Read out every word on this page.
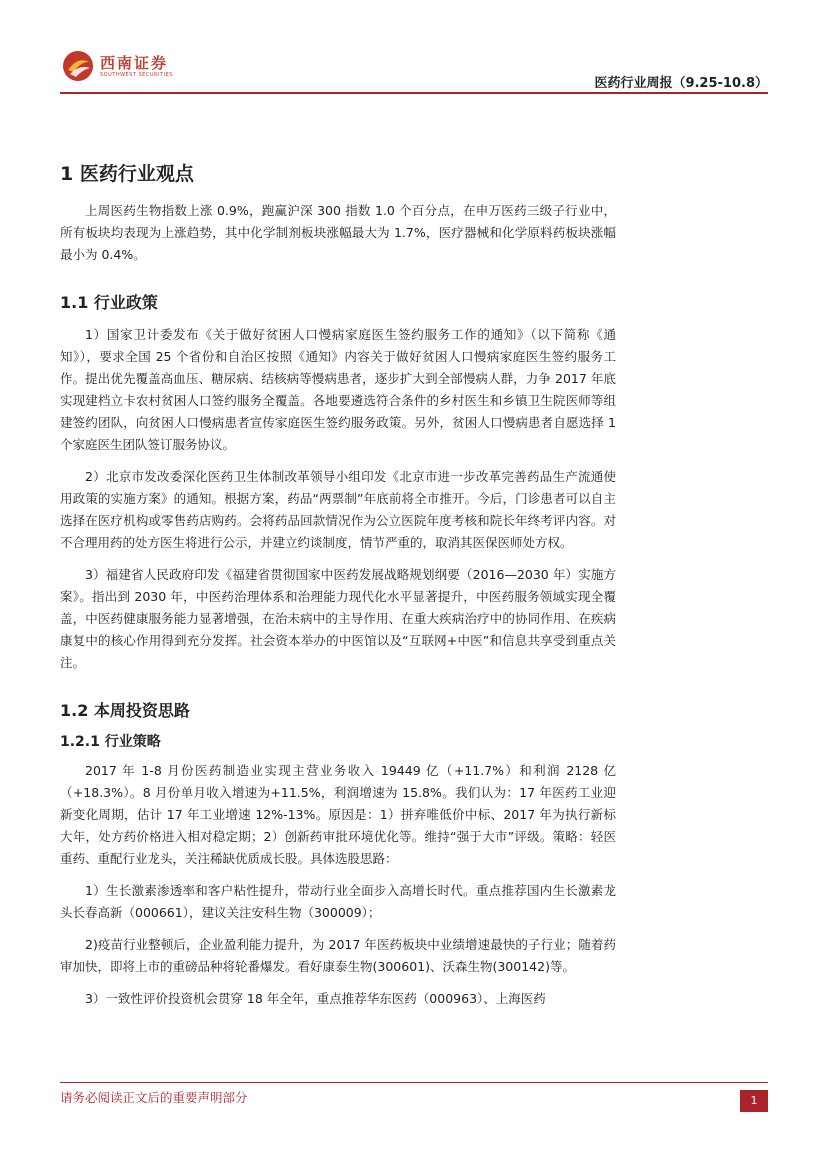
西南证券
SOUTHWEST SECURITIES
医药行业周报（9.25-10.8）
1 医药行业观点

上周医药生物指数上涨 0.9%，跑赢沪深 300 指数 1.0 个百分点，在申万医药三级子行业中，所有板块均表现为上涨趋势，其中化学制剂板块涨幅最大为 1.7%，医疗器械和化学原料药板块涨幅最小为 0.4%。

1.1 行业政策

1）国家卫计委发布《关于做好贫困人口慢病家庭医生签约服务工作的通知》（以下简称《通知》），要求全国 25 个省份和自治区按照《通知》内容关于做好贫困人口慢病家庭医生签约服务工作。提出优先覆盖高血压、糖尿病、结核病等慢病患者，逐步扩大到全部慢病人群，力争 2017 年底实现建档立卡农村贫困人口签约服务全覆盖。各地要遴选符合条件的乡村医生和乡镇卫生院医师等组建签约团队，向贫困人口慢病患者宣传家庭医生签约服务政策。另外，贫困人口慢病患者自愿选择 1 个家庭医生团队签订服务协议。

2）北京市发改委深化医药卫生体制改革领导小组印发《北京市进一步改革完善药品生产流通使用政策的实施方案》的通知。根据方案，药品“两票制”年底前将全市推开。今后，门诊患者可以自主选择在医疗机构或零售药店购药。会将药品回款情况作为公立医院年度考核和院长年终考评内容。对不合理用药的处方医生将进行公示，并建立约谈制度，情节严重的，取消其医保医师处方权。

3）福建省人民政府印发《福建省贯彻国家中医药发展战略规划纲要（2016—2030 年）实施方案》。指出到 2030 年，中医药治理体系和治理能力现代化水平显著提升，中医药服务领域实现全覆盖，中医药健康服务能力显著增强，在治未病中的主导作用、在重大疾病治疗中的协同作用、在疾病康复中的核心作用得到充分发挥。社会资本举办的中医馆以及“互联网+中医”和信息共享受到重点关注。

1.2 本周投资思路
1.2.1 行业策略

2017 年 1-8 月份医药制造业实现主营业务收入 19449 亿（+11.7%）和利润 2128 亿（+18.3%）。8 月份单月收入增速为+11.5%，利润增速为 15.8%。我们认为：17 年医药工业迎新变化周期，估计 17 年工业增速 12%-13%。原因是：1）拼弃唯低价中标、2017 年为执行新标大年，处方药价格进入相对稳定期；2）创新药审批环境优化等。维持“强于大市”评级。策略：轻医重药、重配行业龙头，关注稀缺优质成长股。具体选股思路：

1）生长激素渗透率和客户粘性提升，带动行业全面步入高增长时代。重点推荐国内生长激素龙头长春高新（000661），建议关注安科生物（300009）；

2)疫苗行业整顿后，企业盈利能力提升，为 2017 年医药板块中业绩增速最快的子行业；随着药审加快，即将上市的重磅品种将轮番爆发。看好康泰生物(300601)、沃森生物(300142)等。

3）一致性评价投资机会贯穿 18 年全年，重点推荐华东医药（000963）、上海医药

请务必阅读正文后的重要声明部分	1
